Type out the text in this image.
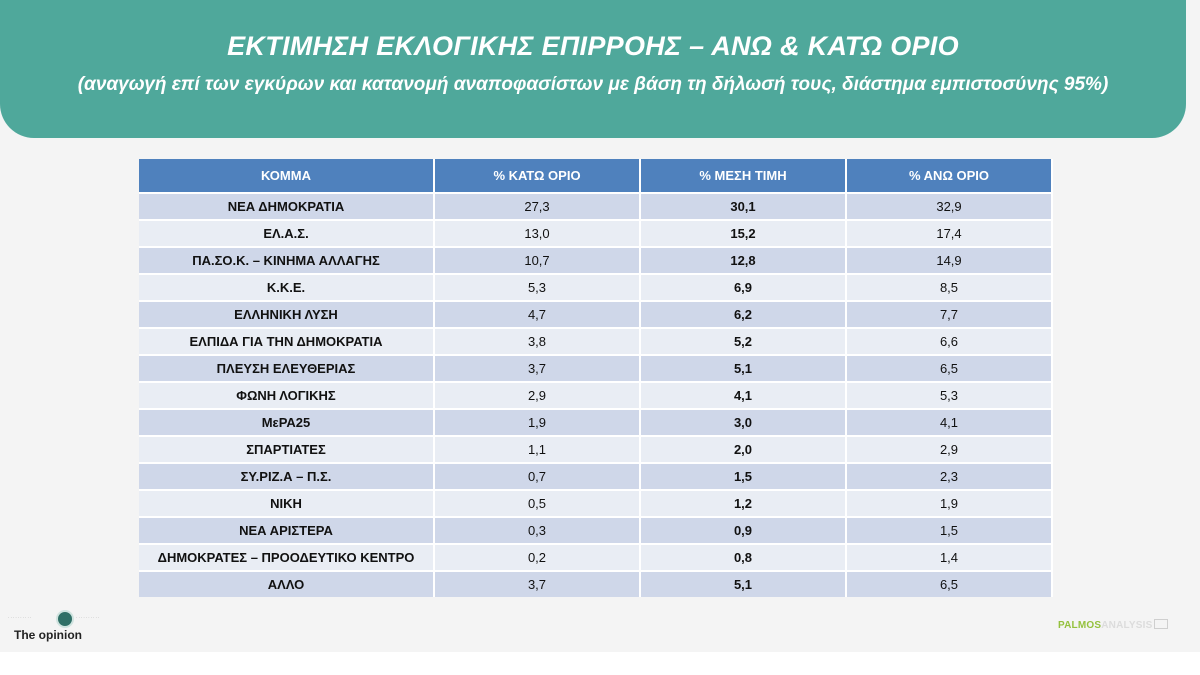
ΕΚΤΙΜΗΣΗ ΕΚΛΟΓΙΚΗΣ ΕΠΙΡΡΟΗΣ – ΑΝΩ & ΚΑΤΩ ΟΡΙΟ
(αναγωγή επί των εγκύρων και κατανομή αναποφασίστων με βάση τη δήλωσή τους, διάστημα εμπιστοσύνης 95%)
ΚΟΜΜΑ	% ΚΑΤΩ ΟΡΙΟ	% ΜΕΣΗ ΤΙΜΗ	% ΑΝΩ ΟΡΙΟ
ΝΕΑ ΔΗΜΟΚΡΑΤΙΑ	27,3	30,1	32,9
ΕΛ.Α.Σ.	13,0	15,2	17,4
ΠΑ.ΣΟ.Κ. – ΚΙΝΗΜΑ ΑΛΛΑΓΗΣ	10,7	12,8	14,9
Κ.Κ.Ε.	5,3	6,9	8,5
ΕΛΛΗΝΙΚΗ ΛΥΣΗ	4,7	6,2	7,7
ΕΛΠΙΔΑ ΓΙΑ ΤΗΝ ΔΗΜΟΚΡΑΤΙΑ	3,8	5,2	6,6
ΠΛΕΥΣΗ ΕΛΕΥΘΕΡΙΑΣ	3,7	5,1	6,5
ΦΩΝΗ ΛΟΓΙΚΗΣ	2,9	4,1	5,3
ΜεΡΑ25	1,9	3,0	4,1
ΣΠΑΡΤΙΑΤΕΣ	1,1	2,0	2,9
ΣΥ.ΡΙΖ.Α – Π.Σ.	0,7	1,5	2,3
ΝΙΚΗ	0,5	1,2	1,9
ΝΕΑ ΑΡΙΣΤΕΡΑ	0,3	0,9	1,5
ΔΗΜΟΚΡΑΤΕΣ – ΠΡΟΟΔΕΥΤΙΚΟ ΚΕΝΤΡΟ	0,2	0,8	1,4
ΑΛΛΟ	3,7	5,1	6,5
· · · · · · · · · ·	· · · · · · · · · ·
The opinion
PALMOSANALYSIS
